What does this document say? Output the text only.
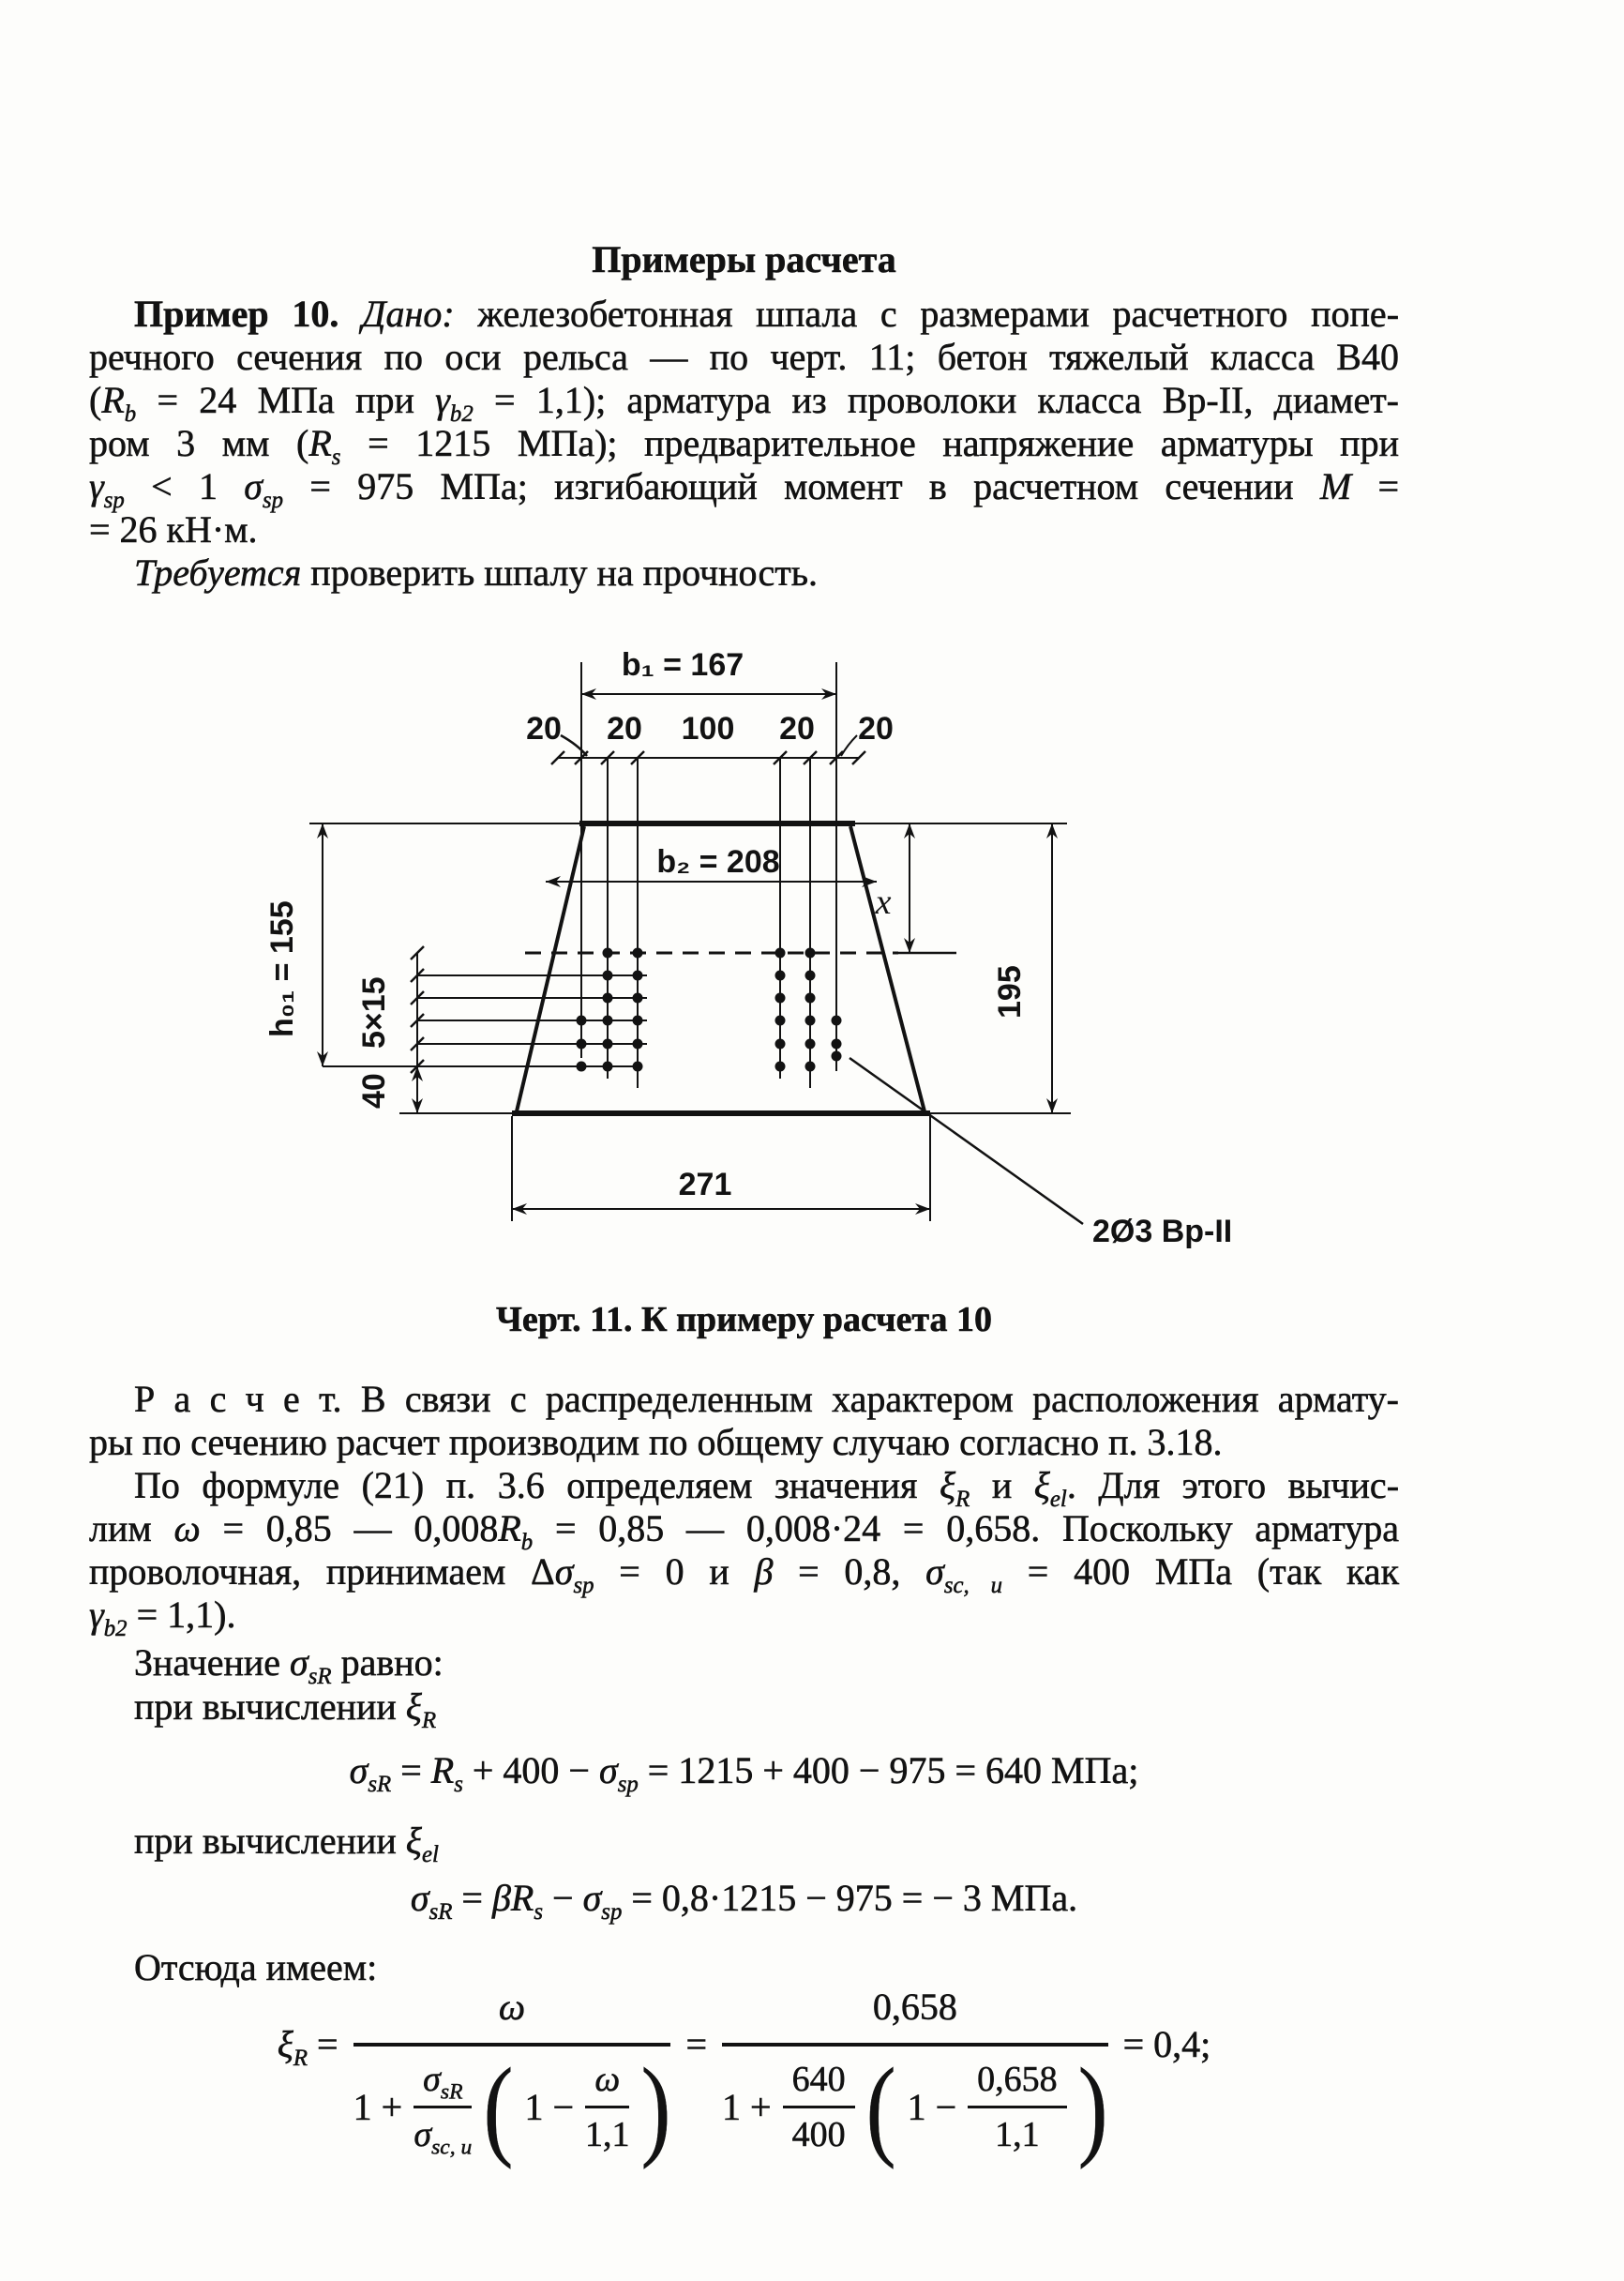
Примеры расчета
Пример 10. Дано: железобетонная шпала с размерами расчетного попе-
речного сечения по оси рельса — по черт. 11; бетон тяжелый класса В40
($R_b = 24$ МПа при $\gamma_{b2} = 1,1$); арматура из проволоки класса Вр-II, диамет-
ром 3 мм ($R_s = 1215$ МПа); предварительное напряжение арматуры при
$\gamma_{sp} < 1$ $\sigma_{sp} = 975$ МПа; изгибающий момент в расчетном сечении М =
= 26 кН·м.
Требуется проверить шпалу на прочность.
b₁ = 167
20 20 100 20 20
b₂ = 208
x
195
h₀₁ = 155 5×15
40
271
2Ø3 Вр-II
Черт. 11. К примеру расчета 10
Р а с ч е т. В связи с распределенным характером расположения армату-
ры по сечению расчет производим по общему случаю согласно п. 3.18.
По формуле (21) п. 3.6 определяем значения $\xi_R$ и $\xi_{el}$. Для этого вычис-
лим ω = 0,85 — $0,008R_b = 0,85$ — 0,008·24 = 0,658. Поскольку арматура
проволочная, принимаем $\Delta\sigma_{sp} = 0$ и β = 0,8, $\sigma_{sc, u} = 400$ МПа (так как
$\gamma_{b2} = 1,1$).
Значение $\sigma_{sR}$ равно:
при вычислении $\xi_R$
$\sigma_{sR} = R_s + 400 - \sigma_{sp} = 1215 + 400 - 975 = 640$ МПа;
при вычислении $\xi_{el}$
$\sigma_{sR} = \beta R_s - \sigma_{sp} = 0,8\cdot 1215 - 975$ = − 3 МПа.
Отсюда имеем:
$\xi_R$ =
ω
$1 + \frac{\sigma_{sR}}{\sigma_{sc, u}}$ ( $1 - \frac{\omega}{1,1}$ ) =
0,658
$1 + \frac{640}{400}$ ( $1 - \frac{0,658}{1,1}$ ) = 0,4;
